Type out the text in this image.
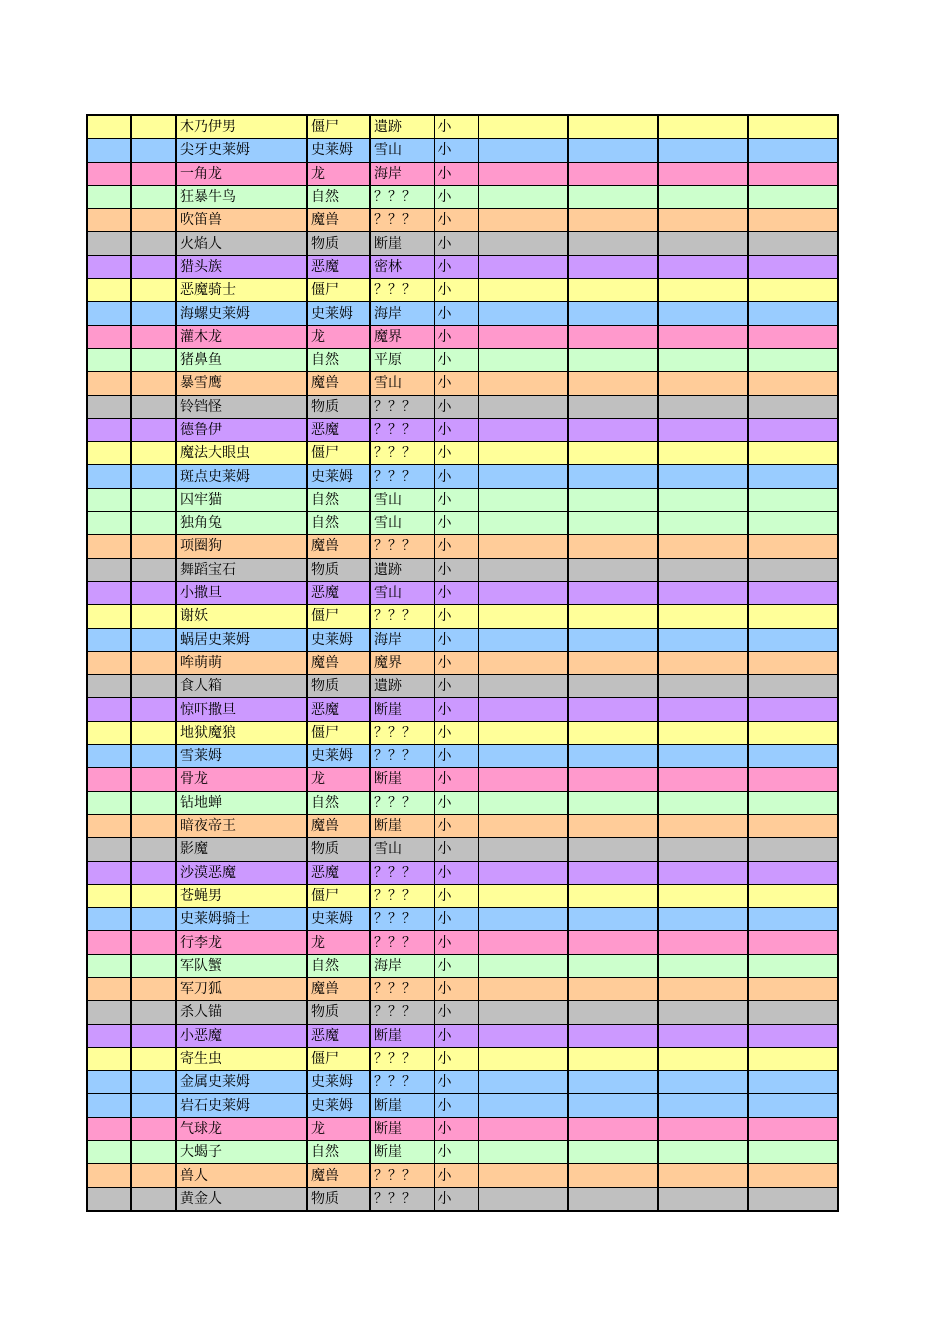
		木乃伊男	僵尸	遺跡	小				
		尖牙史莱姆	史莱姆	雪山	小				
		一角龙	龙	海岸	小				
		狂暴牛鸟	自然	？？？	小				
		吹笛兽	魔兽	？？？	小				
		火焰人	物质	断崖	小				
		猎头族	恶魔	密林	小				
		恶魔骑士	僵尸	？？？	小				
		海螺史莱姆	史莱姆	海岸	小				
		灌木龙	龙	魔界	小				
		猪鼻鱼	自然	平原	小				
		暴雪鹰	魔兽	雪山	小				
		铃铛怪	物质	？？？	小				
		德鲁伊	恶魔	？？？	小				
		魔法大眼虫	僵尸	？？？	小				
		斑点史莱姆	史莱姆	？？？	小				
		囚牢猫	自然	雪山	小				
		独角兔	自然	雪山	小				
		项圈狗	魔兽	？？？	小				
		舞蹈宝石	物质	遺跡	小				
		小撒旦	恶魔	雪山	小				
		谢妖	僵尸	？？？	小				
		蜗居史莱姆	史莱姆	海岸	小				
		哞萌萌	魔兽	魔界	小				
		食人箱	物质	遺跡	小				
		惊吓撒旦	恶魔	断崖	小				
		地狱魔狼	僵尸	？？？	小				
		雪莱姆	史莱姆	？？？	小				
		骨龙	龙	断崖	小				
		钻地蝉	自然	？？？	小				
		暗夜帝王	魔兽	断崖	小				
		影魔	物质	雪山	小				
		沙漠恶魔	恶魔	？？？	小				
		苍蝇男	僵尸	？？？	小				
		史莱姆骑士	史莱姆	？？？	小				
		行李龙	龙	？？？	小				
		军队蟹	自然	海岸	小				
		军刀狐	魔兽	？？？	小				
		杀人锚	物质	？？？	小				
		小恶魔	恶魔	断崖	小				
		寄生虫	僵尸	？？？	小				
		金属史莱姆	史莱姆	？？？	小				
		岩石史莱姆	史莱姆	断崖	小				
		气球龙	龙	断崖	小				
		大蝎子	自然	断崖	小				
		兽人	魔兽	？？？	小				
		黄金人	物质	？？？	小				
